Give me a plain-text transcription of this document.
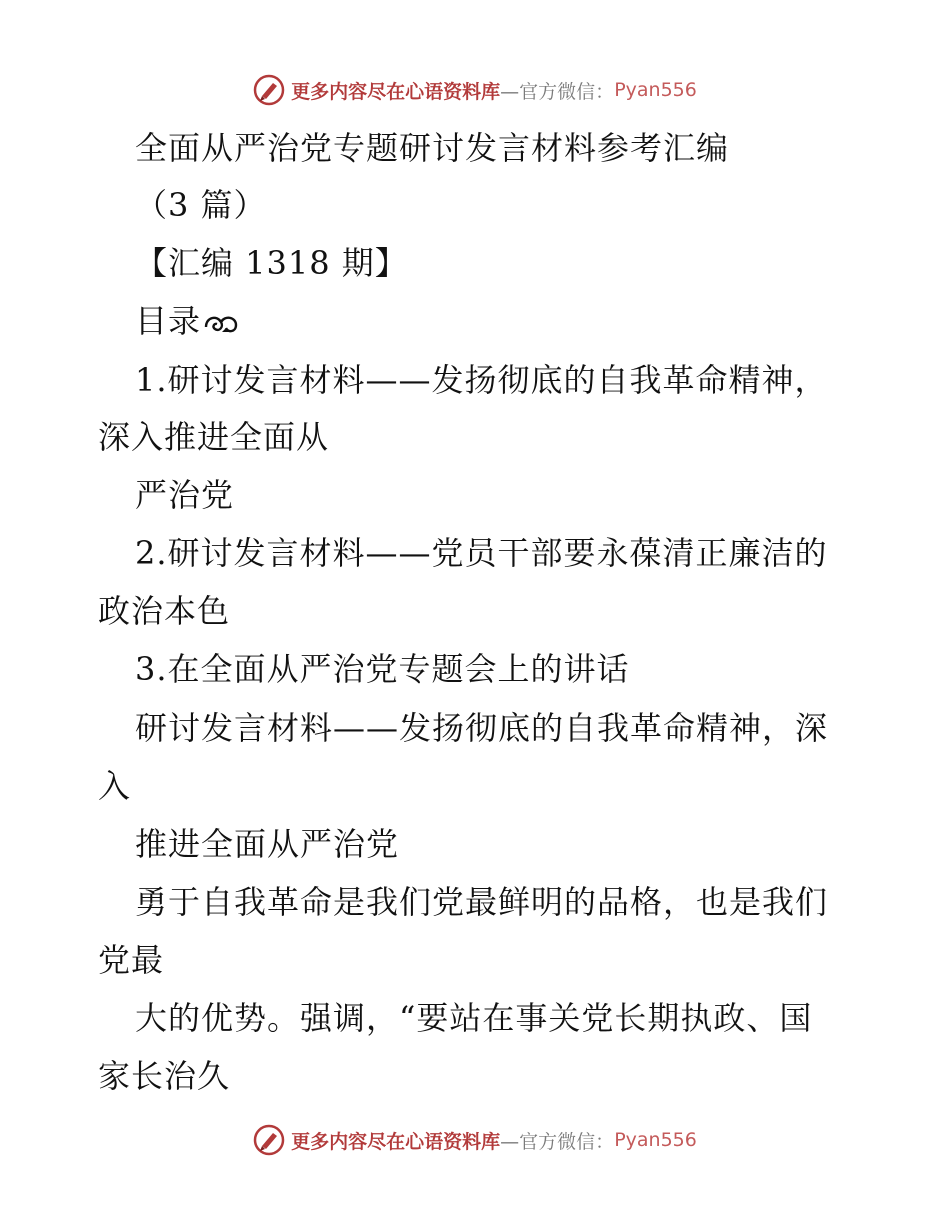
更多内容尽在心语资料库 —官方微信： Pyan556
全面从严治党专题研讨发言材料参考汇编
（3 篇）
【汇编 1318 期】
目录
1.研讨发言材料——发扬彻底的自我革命精神，
深入推进全面从
严治党
2.研讨发言材料——党员干部要永葆清正廉洁的
政治本色
3.在全面从严治党专题会上的讲话
研讨发言材料——发扬彻底的自我革命精神，深
入
推进全面从严治党
勇于自我革命是我们党最鲜明的品格，也是我们
党最
大的优势。强调，“要站在事关党长期执政、国
家长治久
更多内容尽在心语资料库 —官方微信： Pyan556
